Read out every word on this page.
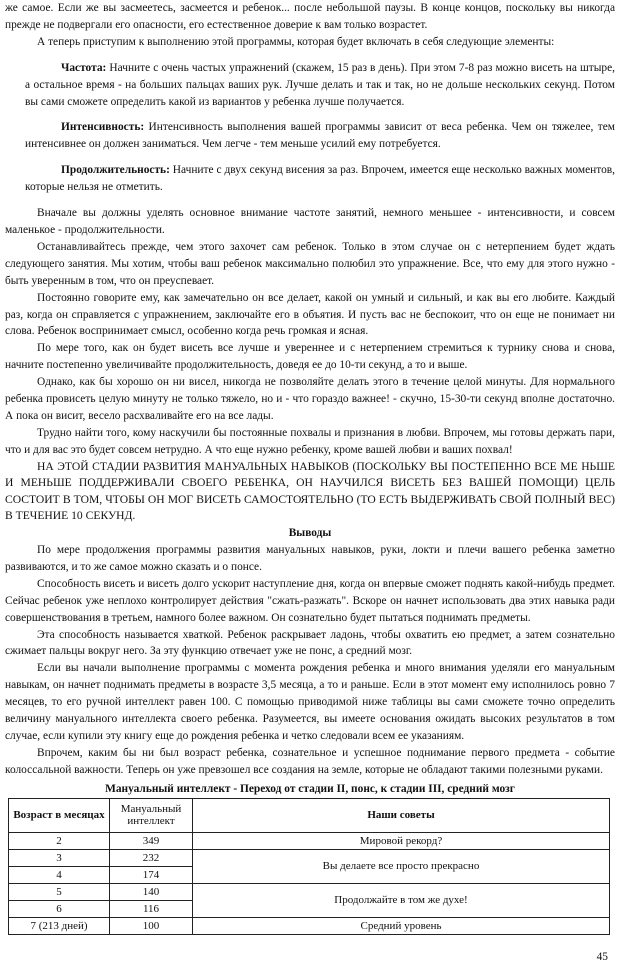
же самое. Если же вы засмеетесь, засмеется и ребенок... после небольшой паузы. В конце концов, поскольку вы никогда прежде не подвергали его опасности, его естественное доверие к вам только возрастет.

А теперь приступим к выполнению этой программы, которая будет включать в себя следующие элементы:

Частота: Начните с очень частых упражнений (скажем, 15 раз в день). При этом 7-8 раз можно висеть на штыре, а остальное время - на больших пальцах ваших рук. Лучше делать и так и так, но не дольше нескольких секунд. Потом вы сами сможете определить какой из вариантов у ребенка лучше получается.

Интенсивность: Интенсивность выполнения вашей программы зависит от веса ребенка. Чем он тяжелее, тем интенсивнее он должен заниматься. Чем легче - тем меньше усилий ему потребуется.

Продолжительность: Начните с двух секунд висения за раз. Впрочем, имеется еще несколько важных моментов, которые нельзя не отметить.

Вначале вы должны уделять основное внимание частоте занятий, немного меньшее - интенсивности, и совсем маленькое - продолжительности.

Останавливайтесь прежде, чем этого захочет сам ребенок. Только в этом случае он с нетерпением будет ждать следующего занятия. Мы хотим, чтобы ваш ребенок максимально полюбил это упражнение. Все, что ему для этого нужно - быть уверенным в том, что он преуспевает.

Постоянно говорите ему, как замечательно он все делает, какой он умный и сильный, и как вы его любите. Каждый раз, когда он справляется с упражнением, заключайте его в объятия. И пусть вас не беспокоит, что он еще не понимает ни слова. Ребенок воспринимает смысл, особенно когда речь громкая и ясная.

По мере того, как он будет висеть все лучше и увереннее и с нетерпением стремиться к турнику снова и снова, начните постепенно увеличивайте продолжительность, доведя ее до 10-ти секунд, а то и выше.

Однако, как бы хорошо он ни висел, никогда не позволяйте делать этого в течение целой минуты. Для нормального ребенка провисеть целую минуту не только тяжело, но и - что гораздо важнее! - скучно, 15-30-ти секунд вполне достаточно. А пока он висит, весело расхваливайте его на все лады.

Трудно найти того, кому наскучили бы постоянные похвалы и признания в любви. Впрочем, мы готовы держать пари, что и для вас это будет совсем нетрудно. А что еще нужно ребенку, кроме вашей любви и ваших похвал!

НА ЭТОЙ СТАДИИ РАЗВИТИЯ МАНУАЛЬНЫХ НАВЫКОВ (ПОСКОЛЬКУ ВЫ ПОСТЕПЕННО ВСЕ МЕ НЬШЕ И МЕНЬШЕ ПОДДЕРЖИВАЛИ СВОЕГО РЕБЕНКА, ОН НАУЧИЛСЯ ВИСЕТЬ БЕЗ ВАШЕЙ ПОМОЩИ) ЦЕЛЬ СОСТОИТ В ТОМ, ЧТОБЫ ОН МОГ ВИСЕТЬ САМОСТОЯТЕЛЬНО (ТО ЕСТЬ ВЫДЕРЖИВАТЬ СВОЙ ПОЛНЫЙ ВЕС) В ТЕЧЕНИЕ 10 СЕКУНД.

Выводы

По мере продолжения программы развития мануальных навыков, руки, локти и плечи вашего ребенка заметно развиваются, и то же самое можно сказать и о понсе.

Способность висеть и висеть долго ускорит наступление дня, когда он впервые сможет поднять какой-нибудь предмет. Сейчас ребенок уже неплохо контролирует действия "сжать-разжать". Вскоре он начнет использовать два этих навыка ради совершенствования в третьем, намного более важном. Он сознательно будет пытаться поднимать предметы.

Эта способность называется хваткой. Ребенок раскрывает ладонь, чтобы охватить ею предмет, а затем сознательно сжимает пальцы вокруг него. За эту функцию отвечает уже не понс, а средний мозг.

Если вы начали выполнение программы с момента рождения ребенка и много внимания уделяли его мануальным навыкам, он начнет поднимать предметы в возрасте 3,5 месяца, а то и раньше. Если в этот момент ему исполнилось ровно 7 месяцев, то его ручной интеллект равен 100. С помощью приводимой ниже таблицы вы сами сможете точно определить величину мануального интеллекта своего ребенка. Разумеется, вы имеете основания ожидать высоких результатов в том случае, если купили эту книгу еще до рождения ребенка и четко следовали всем ее указаниям.

Впрочем, каким бы ни был возраст ребенка, сознательное и успешное поднимание первого предмета - событие колоссальной важности. Теперь он уже превзошел все создания на земле, которые не обладают такими полезными руками.

Мануальный интеллект - Переход от стадии II, понс, к стадии III, средний мозг
Возраст в месяцах	Мануальный интеллект	Наши советы
2	349	Мировой рекорд?
3	232	Вы делаете все просто прекрасно
4	174	
5	140	Продолжайте в том же духе!
6	116	
7 (213 дней)	100	Средний уровень
45
